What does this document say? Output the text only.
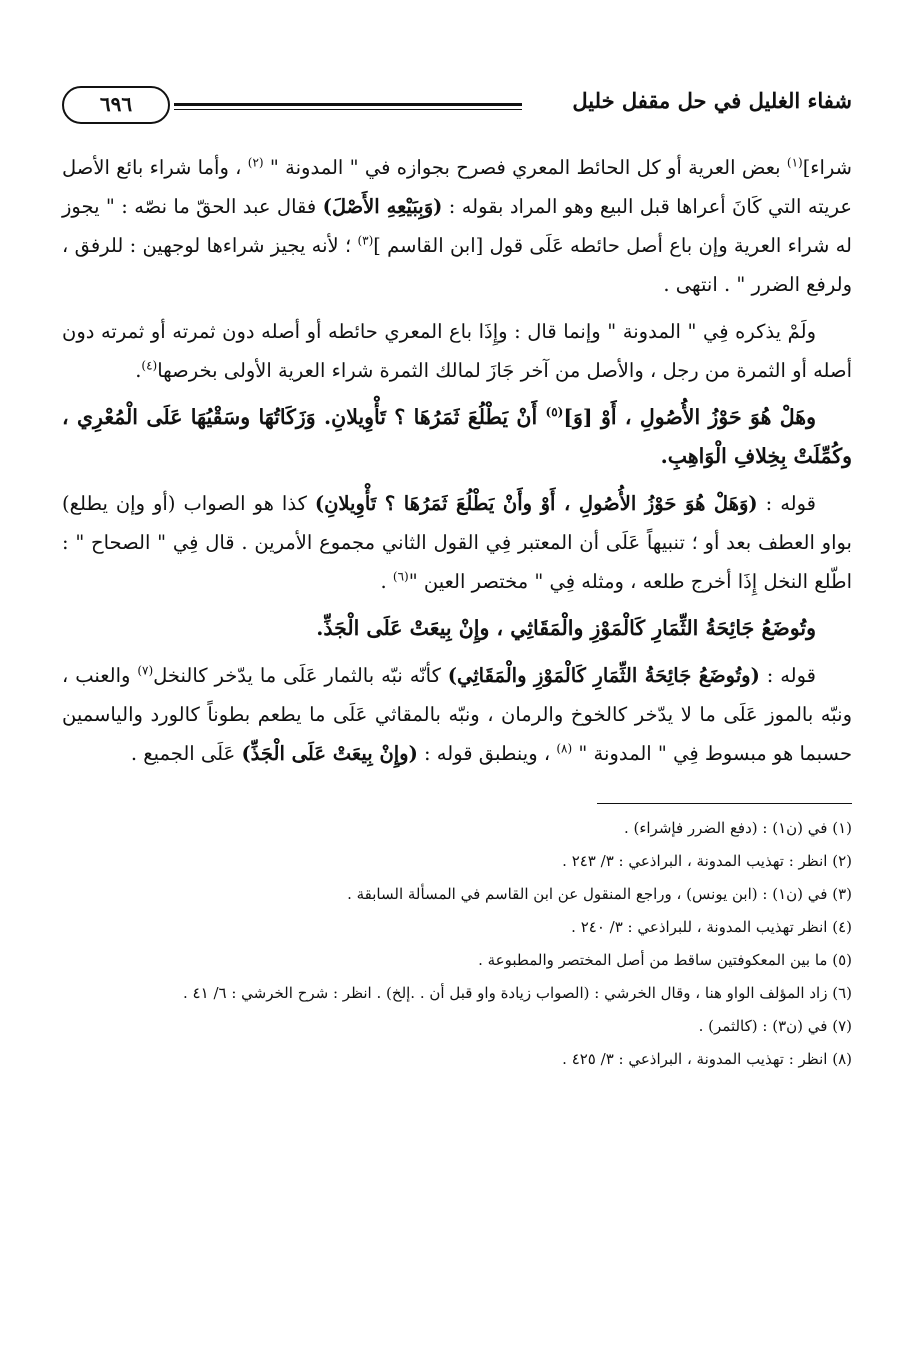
شفاء الغليل في حل مقفل خليل
٦٩٦

شراء]$^{(١)}$ بعض العرية أو كل الحائط المعري فصرح بجوازه في " المدونة " $^{(٢)}$ ، وأما شراء بائع الأصل عريته التي كَانَ أعراها قبل البيع وهو المراد بقوله : (وَبِبَيْعِهِ الأَصْلَ) فقال عبد الحقّ ما نصّه : " يجوز له شراء العرية وإن باع أصل حائطه عَلَى قول [ابن القاسم ]$^{(٣)}$ ؛ لأنه يجيز شراءها لوجهين : للرفق ، ولرفع الضرر " . انتهى .

ولَمْ يذكره فِي " المدونة " وإنما قال : وإِذَا باع المعري حائطه أو أصله دون ثمرته أو ثمرته دون أصله أو الثمرة من رجل ، والأصل من آخر جَازَ لمالك الثمرة شراء العرية الأولى بخرصها$^{(٤)}$.

وهَلْ هُوَ حَوْزُ الأُصُولِ ، أَوْ [وَ]$^{(٥)}$ أَنْ يَطْلُعَ ثَمَرُهَا ؟ تَأْوِيلانِ. وَزَكَاتُهَا وسَقْيُهَا عَلَى الْمُعْرِي ، وكُمِّلَتْ بِخِلافِ الْوَاهِبِ.

قوله : (وَهَلْ هُوَ حَوْزُ الأُصُولِ ، أَوْ وأَنْ يَطْلُعَ ثَمَرُهَا ؟ تَأْوِيلانِ) كذا هو الصواب (أو وإن يطلع) بواو العطف بعد أو ؛ تنبيهاً عَلَى أن المعتبر فِي القول الثاني مجموع الأمرين . قال فِي " الصحاح " : اطّلع النخل إِذَا أخرج طلعه ، ومثله فِي " مختصر العين "$^{(٦)}$ .

وتُوضَعُ جَائِحَةُ الثِّمَارِ كَالْمَوْزِ والْمَقَاثِي ، وإِنْ بِيعَتْ عَلَى الْجَذِّ.

قوله : (وتُوضَعُ جَائِحَةُ الثِّمَارِ كَالْمَوْزِ والْمَقَاثِي) كأنّه نبّه بالثمار عَلَى ما يدّخر كالنخل$^{(٧)}$ والعنب ، ونبّه بالموز عَلَى ما لا يدّخر كالخوخ والرمان ، ونبّه بالمقاثي عَلَى ما يطعم بطوناً كالورد والياسمين حسبما هو مبسوط فِي " المدونة " $^{(٨)}$ ، وينطبق قوله : (وإِنْ بِيعَتْ عَلَى الْجَذِّ) عَلَى الجميع .

(١) في (ن١) : (دفع الضرر فإشراء) .

(٢) انظر : تهذيب المدونة ، البراذعي : ٣/ ٢٤٣ .

(٣) في (ن١) : (ابن يونس) ، وراجع المنقول عن ابن القاسم في المسألة السابقة .

(٤) انظر تهذيب المدونة ، للبراذعي : ٣/ ٢٤٠ .

(٥) ما بين المعكوفتين ساقط من أصل المختصر والمطبوعة .

(٦) زاد المؤلف الواو هنا ، وقال الخرشي : (الصواب زيادة واو قبل أن . .إلخ) . انظر : شرح الخرشي : ٦/ ٤١ .

(٧) في (ن٣) : (كالثمر) .

(٨) انظر : تهذيب المدونة ، البراذعي : ٣/ ٤٢٥ .
